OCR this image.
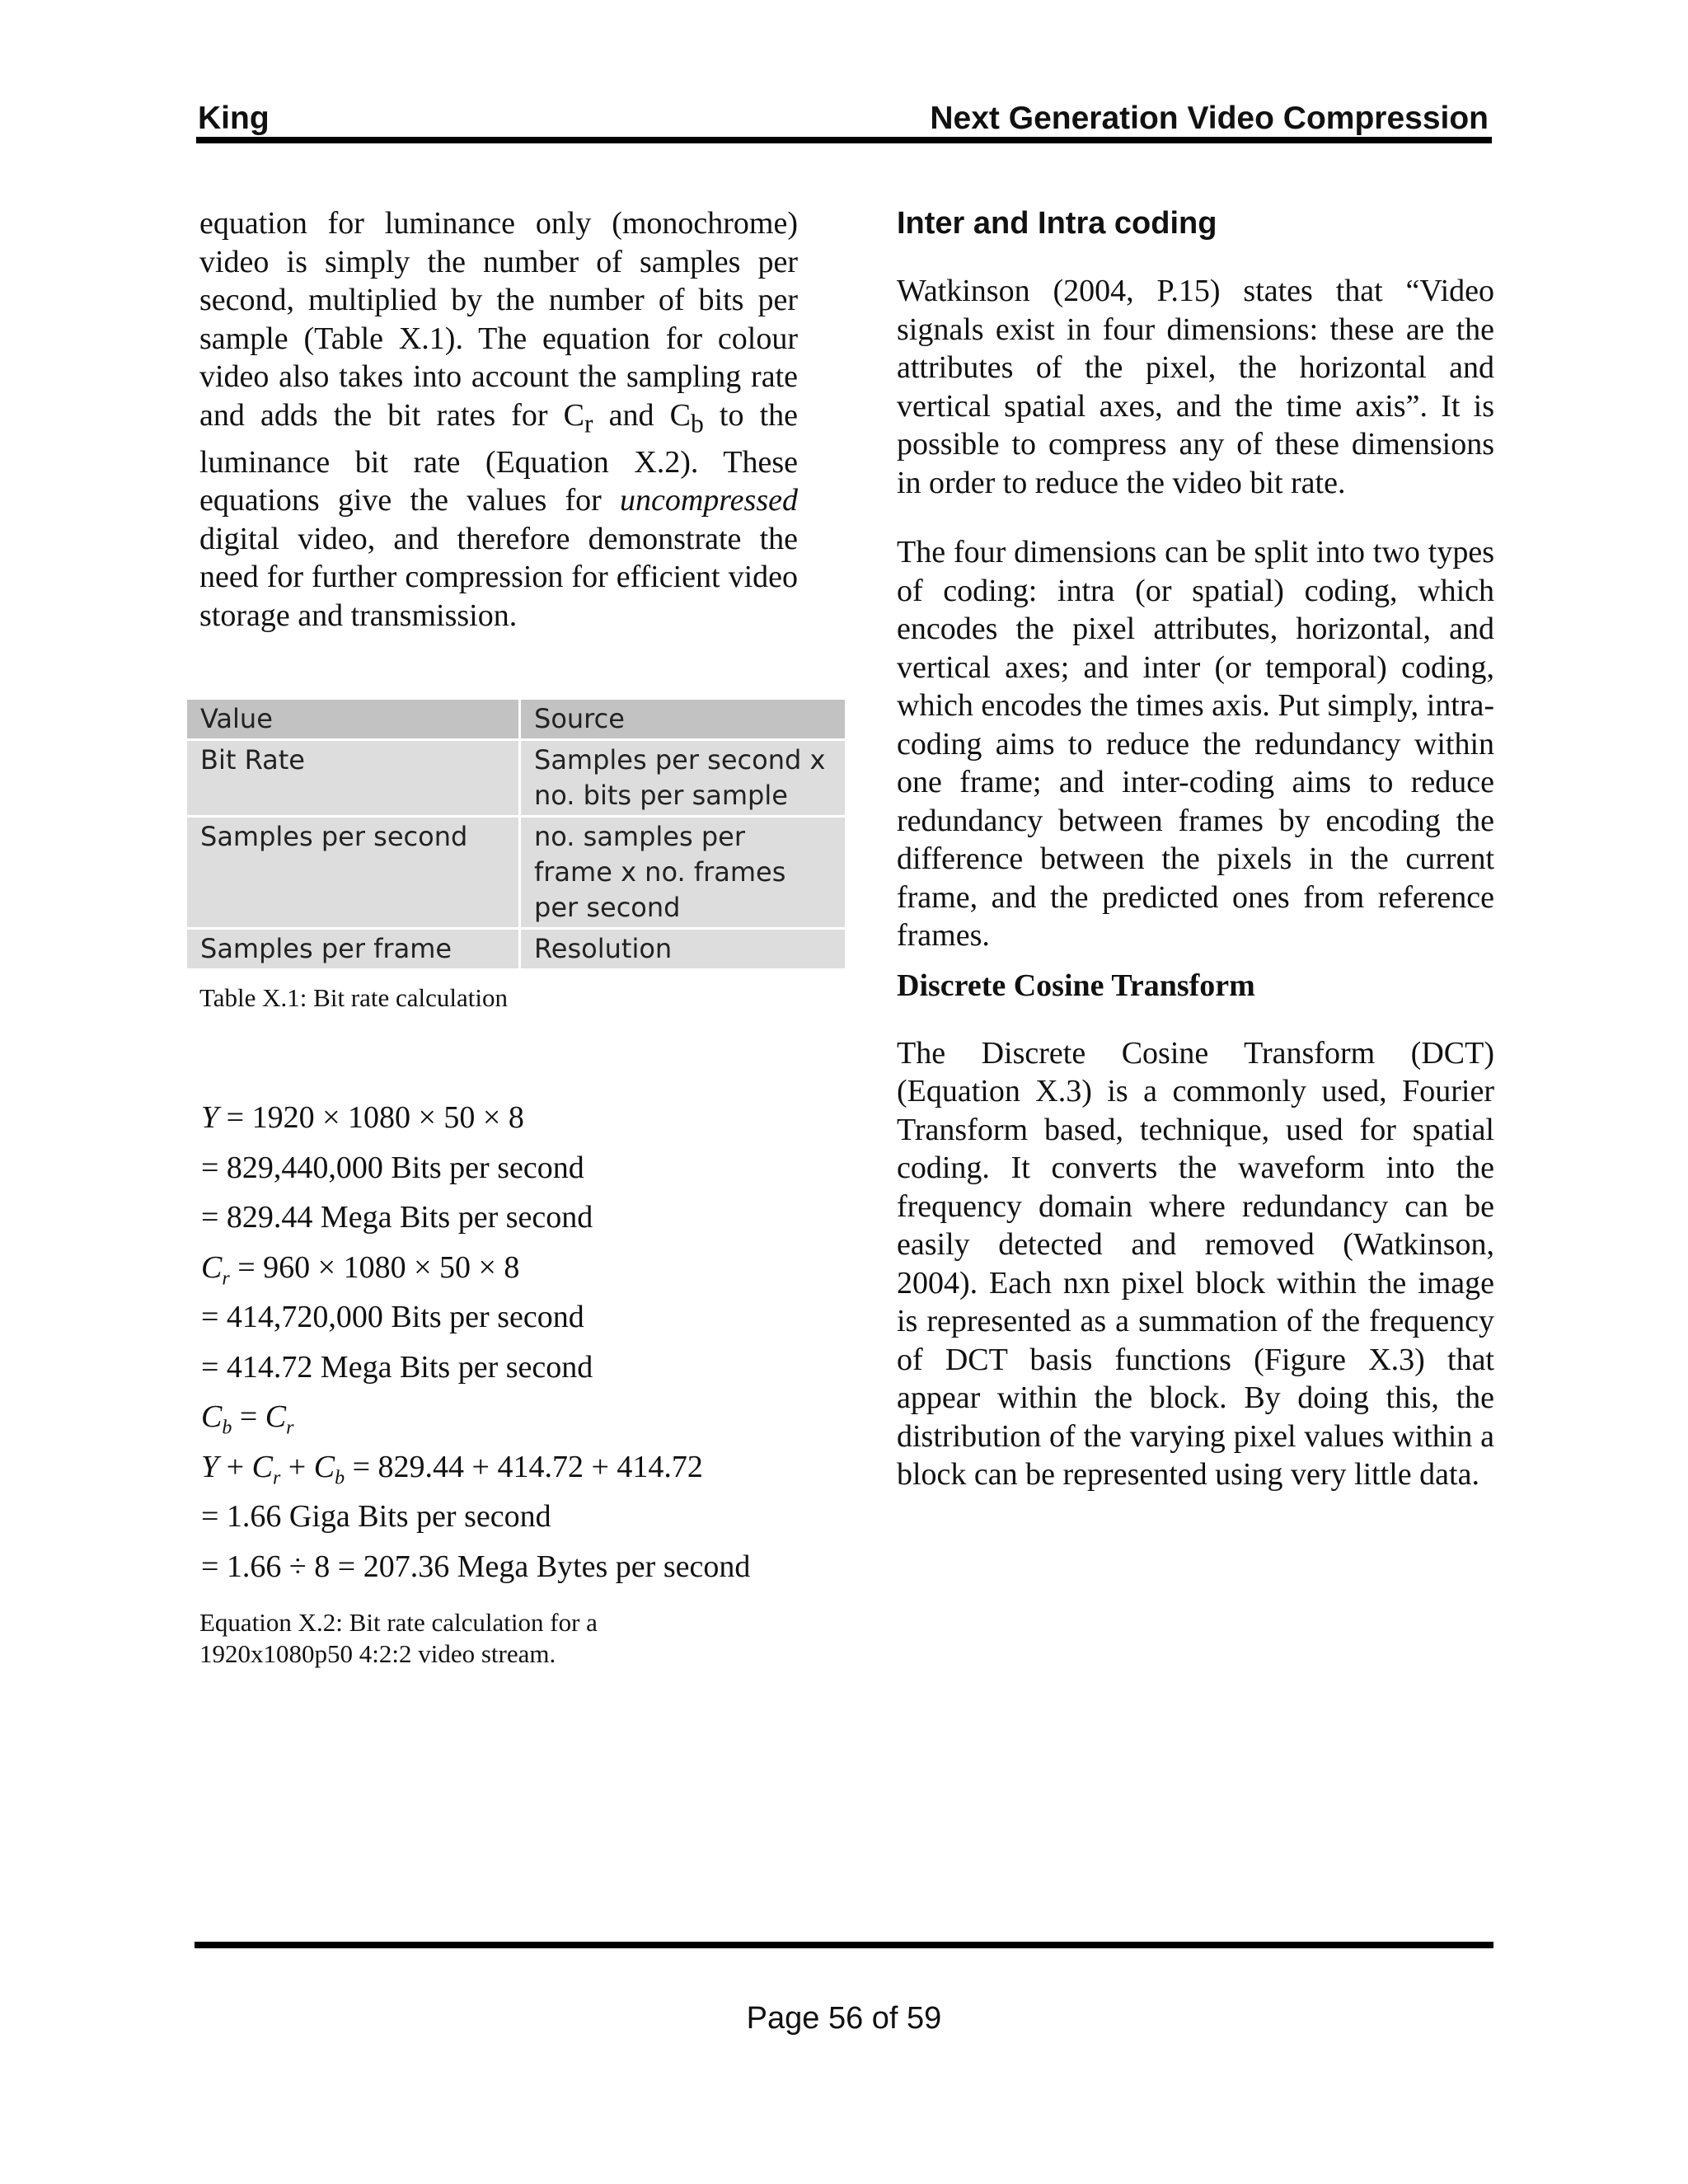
King	Next Generation Video Compression

equation for luminance only (monochrome) video is simply the number of samples per second, multiplied by the number of bits per sample (Table X.1). The equation for colour video also takes into account the sampling rate and adds the bit rates for $C_r$ and $C_b$ to the luminance bit rate (Equation X.2). These equations give the values for uncompressed digital video, and therefore demonstrate the need for further compression for efficient video storage and transmission.

Value	Source
Bit Rate	Samples per second x no. bits per sample
Samples per second	no. samples per frame x no. frames per second
Samples per frame	Resolution
Table X.1: Bit rate calculation
Y = 1920 × 1080 × 50 × 8
= 829,440,000 Bits per second
= 829.44 Mega Bits per second
$C_r = 960 \times 1080 \times 50 \times 8$
= 414,720,000 Bits per second
= 414.72 Mega Bits per second
$C_b = C_r$
$Y + C_r + C_b = 829.44 + 414.72 + 414.72$
= 1.66 Giga Bits per second
= 1.66 ÷ 8 = 207.36 Mega Bytes per second
Equation X.2: Bit rate calculation for a
1920x1080p50 4:2:2 video stream.
Inter and Intra coding

Watkinson (2004, P.15) states that “Video signals exist in four dimensions: these are the attributes of the pixel, the horizontal and vertical spatial axes, and the time axis”. It is possible to compress any of these dimensions in order to reduce the video bit rate.

The four dimensions can be split into two types of coding: intra (or spatial) coding, which encodes the pixel attributes, horizontal, and vertical axes; and inter (or temporal) coding, which encodes the times axis. Put simply, intra-coding aims to reduce the redundancy within one frame; and inter-coding aims to reduce redundancy between frames by encoding the difference between the pixels in the current frame, and the predicted ones from reference frames.

Discrete Cosine Transform

The Discrete Cosine Transform (DCT) (Equation X.3) is a commonly used, Fourier Transform based, technique, used for spatial coding. It converts the waveform into the frequency domain where redundancy can be easily detected and removed (Watkinson, 2004). Each nxn pixel block within the image is represented as a summation of the frequency of DCT basis functions (Figure X.3) that appear within the block. By doing this, the distribution of the varying pixel values within a block can be represented using very little data.

Page 56 of 59
